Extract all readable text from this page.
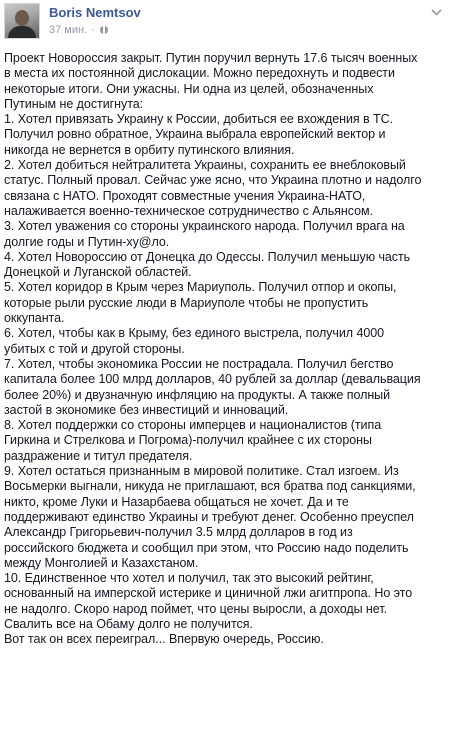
Boris Nemtsov
37 мин. ·

Проект Новороссия закрыт. Путин поручил вернуть 17.6 тысяч военных

в места их постоянной дислокации. Можно передохнуть и подвести

некоторые итоги. Они ужасны. Ни одна из целей, обозначенных

Путиным не достигнута:

1. Хотел привязать Украину к России, добиться ее вхождения в ТС.

Получил ровно обратное, Украина выбрала европейский вектор и

никогда не вернется в орбиту путинского влияния.

2. Хотел добиться нейтралитета Украины, сохранить ее внеблоковый

статус. Полный провал. Сейчас уже ясно, что Украина плотно и надолго

связана с НАТО. Проходят совместные учения Украина-НАТО,

налаживается военно-техническое сотрудничество с Альянсом.

3. Хотел уважения со стороны украинского народа. Получил врага на

долгие годы и Путин-ху@ло.

4. Хотел Новороссию от Донецка до Одессы. Получил меньшую часть

Донецкой и Луганской областей.

5. Хотел коридор в Крым через Мариуполь. Получил отпор и окопы,

которые рыли русские люди в Мариуполе чтобы не пропустить

оккупанта.

6. Хотел, чтобы как в Крыму, без единого выстрела, получил 4000

убитых с той и другой стороны.

7. Хотел, чтобы экономика России не пострадала. Получил бегство

капитала более 100 млрд долларов, 40 рублей за доллар (девальвация

более 20%) и двузначную инфляцию на продукты. А также полный

застой в экономике без инвестиций и инноваций.

8. Хотел поддержки со стороны имперцев и националистов (типа

Гиркина и Стрелкова и Погрома)-получил крайнее с их стороны

раздражение и титул предателя.

9. Хотел остаться признанным в мировой политике. Стал изгоем. Из

Восьмерки выгнали, никуда не приглашают, вся братва под санкциями,

никто, кроме Луки и Назарбаева общаться не хочет. Да и те

поддерживают единство Украины и требуют денег. Особенно преуспел

Александр Григорьевич-получил 3.5 млрд долларов в год из

российского бюджета и сообщил при этом, что Россию надо поделить

между Монголией и Казахстаном.

10. Единственное что хотел и получил, так это высокий рейтинг,

основанный на имперской истерике и циничной лжи агитпропа. Но это

не надолго. Скоро народ поймет, что цены выросли, а доходы нет.

Свалить все на Обаму долго не получится.

Вот так он всех переиграл... Впервую очередь, Россию.
